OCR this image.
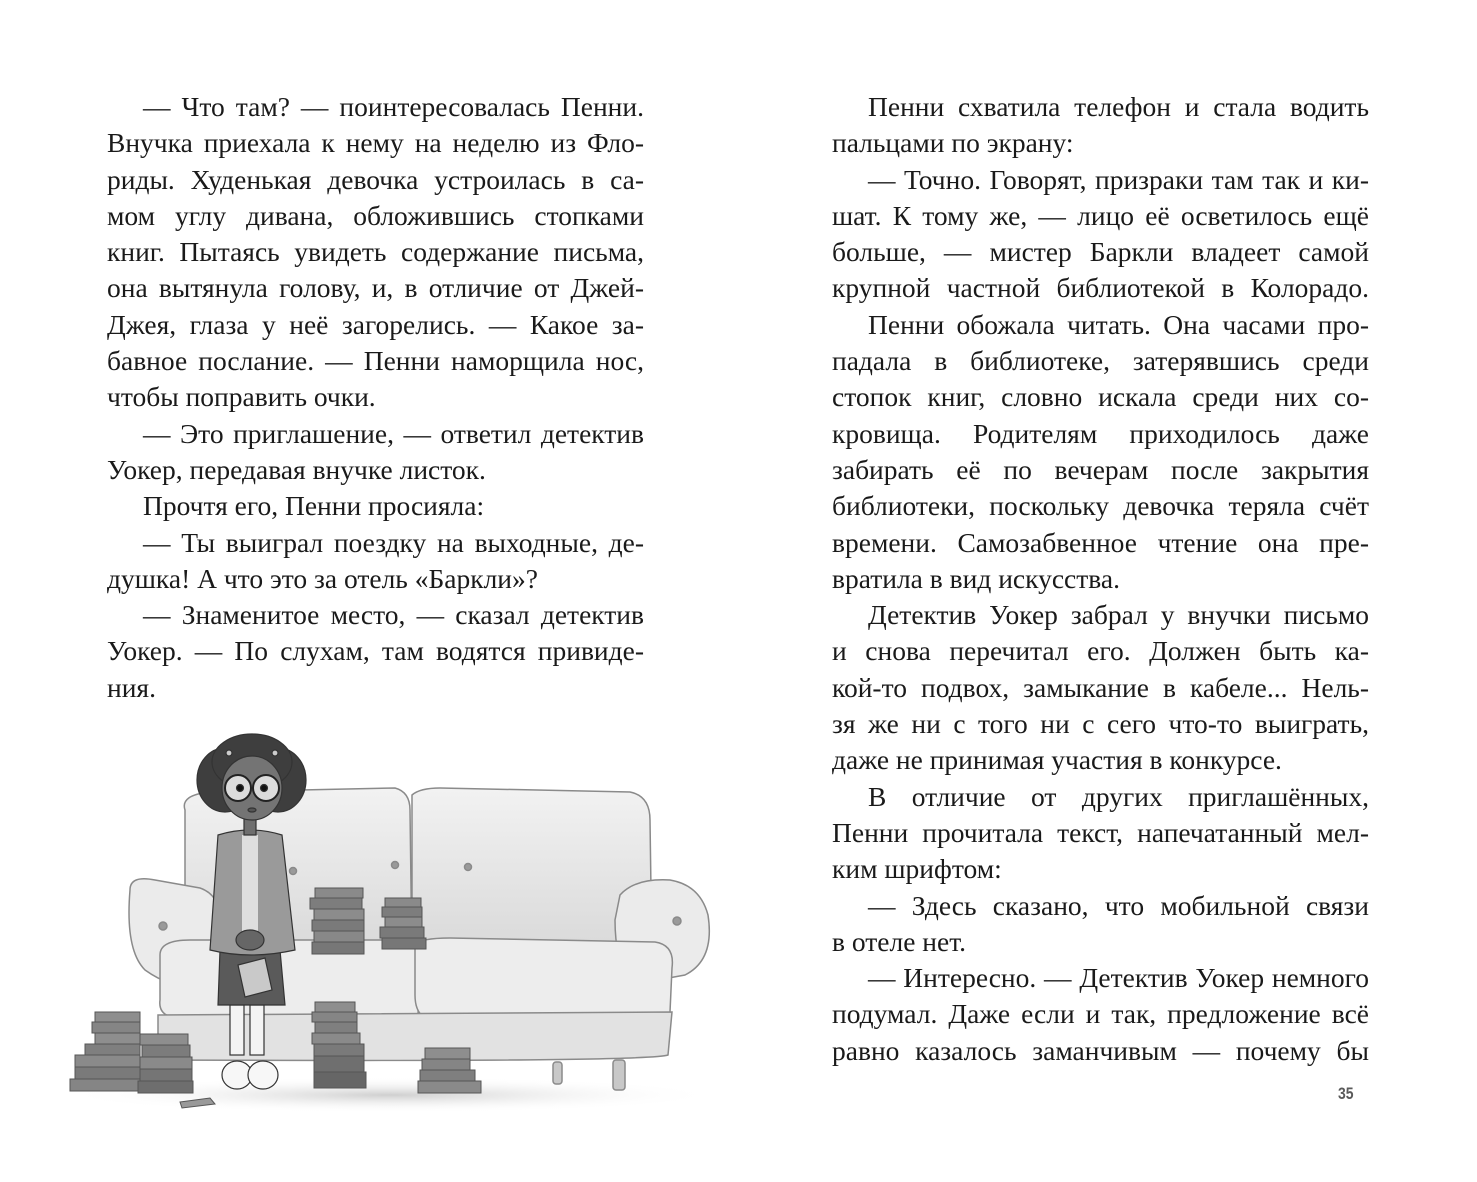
— Что там? — поинтересовалась Пенни.
Внучка приехала к нему на неделю из Фло-
риды. Худенькая девочка устроилась в са-
мом углу дивана, обложившись стопками
книг. Пытаясь увидеть содержание письма,
она вытянула голову, и, в отличие от Джей-
Джея, глаза у неё загорелись. — Какое за-
бавное послание. — Пенни наморщила нос,
чтобы поправить очки.
— Это приглашение, — ответил детектив
Уокер, передавая внучке листок.
Прочтя его, Пенни просияла:
— Ты выиграл поездку на выходные, де-
душка! А что это за отель «Баркли»?
— Знаменитое место, — сказал детектив
Уокер. — По слухам, там водятся привиде-
ния.
Пенни схватила телефон и стала водить
пальцами по экрану:
— Точно. Говорят, призраки там так и ки-
шат. К тому же, — лицо её осветилось ещё
больше, — мистер Баркли владеет самой
крупной частной библиотекой в Колорадо.
Пенни обожала читать. Она часами про-
падала в библиотеке, затерявшись среди
стопок книг, словно искала среди них со-
кровища. Родителям приходилось даже
забирать её по вечерам после закрытия
библиотеки, поскольку девочка теряла счёт
времени. Самозабвенное чтение она пре-
вратила в вид искусства.
Детектив Уокер забрал у внучки письмо
и снова перечитал его. Должен быть ка-
кой-то подвох, замыкание в кабеле... Нель-
зя же ни с того ни с сего что-то выиграть,
даже не принимая участия в конкурсе.
В отличие от других приглашённых,
Пенни прочитала текст, напечатанный мел-
ким шрифтом:
— Здесь сказано, что мобильной связи
в отеле нет.
— Интересно. — Детектив Уокер немного
подумал. Даже если и так, предложение всё
равно казалось заманчивым — почему бы
35
